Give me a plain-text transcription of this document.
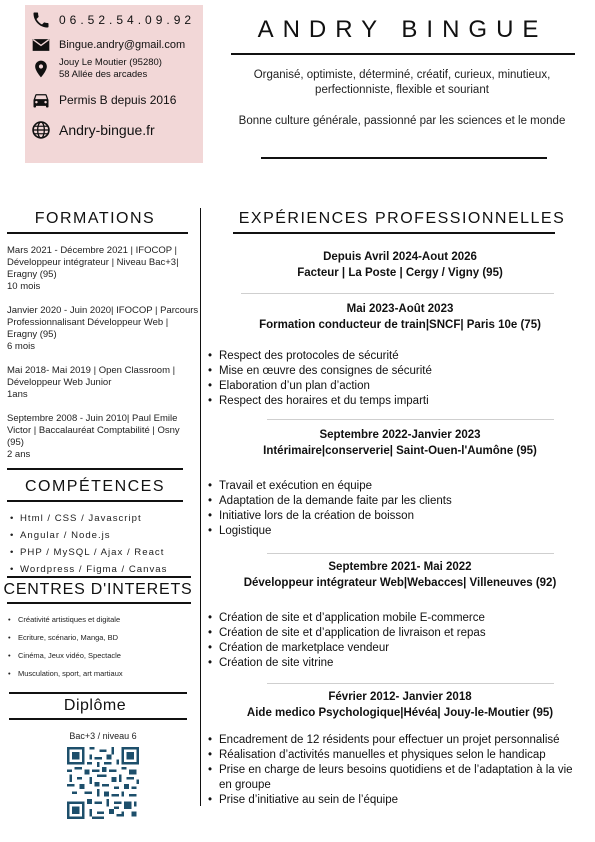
06.52.54.09.92
Bingue.andry@gmail.com
Jouy Le Moutier (95280)
58 Allée des arcades
Permis B depuis 2016
Andry-bingue.fr
ANDRY BINGUE
Organisé, optimiste, déterminé, créatif, curieux, minutieux, perfectionniste, flexible et souriant
Bonne culture générale, passionné par les sciences et le monde
FORMATIONS
Mars 2021 - Décembre 2021 | IFOCOP | Développeur intégrateur | Niveau Bac+3| Eragny (95)
10 mois
Janvier 2020 - Juin 2020| IFOCOP | Parcours Professionnalisant Développeur Web | Eragny (95)
6 mois
Mai 2018- Mai 2019 | Open Classroom | Développeur Web Junior
1ans
Septembre 2008 - Juin 2010| Paul Emile Victor | Baccalauréat Comptabilité | Osny (95)
2 ans
COMPÉTENCES
• Html / CSS / Javascript
• Angular / Node.js
• PHP / MySQL / Ajax / React
• Wordpress / Figma / Canvas
CENTRES D'INTERETS
• Créativité artistiques et digitale
• Ecriture, scénario, Manga, BD
• Cinéma, Jeux vidéo, Spectacle
• Musculation, sport, art martiaux
Diplôme
Bac+3 / niveau 6
EXPÉRIENCES PROFESSIONNELLES
Depuis Avril 2024-Aout 2026
Facteur | La Poste | Cergy / Vigny (95)
Mai 2023-Août 2023
Formation conducteur de train|SNCF| Paris 10e (75)
• Respect des protocoles de sécurité
• Mise en œuvre des consignes de sécurité
• Elaboration d’un plan d’action
• Respect des horaires et du temps imparti
Septembre 2022-Janvier 2023
Intérimaire|conserverie| Saint-Ouen-l'Aumône (95)
• Travail et exécution en équipe
• Adaptation de la demande faite par les clients
• Initiative lors de la création de boisson
• Logistique
Septembre 2021- Mai 2022
Développeur intégrateur Web|Webacces| Villeneuves (92)
• Création de site et d’application mobile E-commerce
• Création de site et d’application de livraison et repas
• Création de marketplace vendeur
• Création de site vitrine
Février 2012- Janvier 2018
Aide medico Psychologique|Hévéa| Jouy-le-Moutier (95)
• Encadrement de 12 résidents pour effectuer un projet personnalisé
• Réalisation d’activités manuelles et physiques selon le handicap
• Prise en charge de leurs besoins quotidiens et de l’adaptation à la vie en groupe
• Prise d’initiative au sein de l’équipe
